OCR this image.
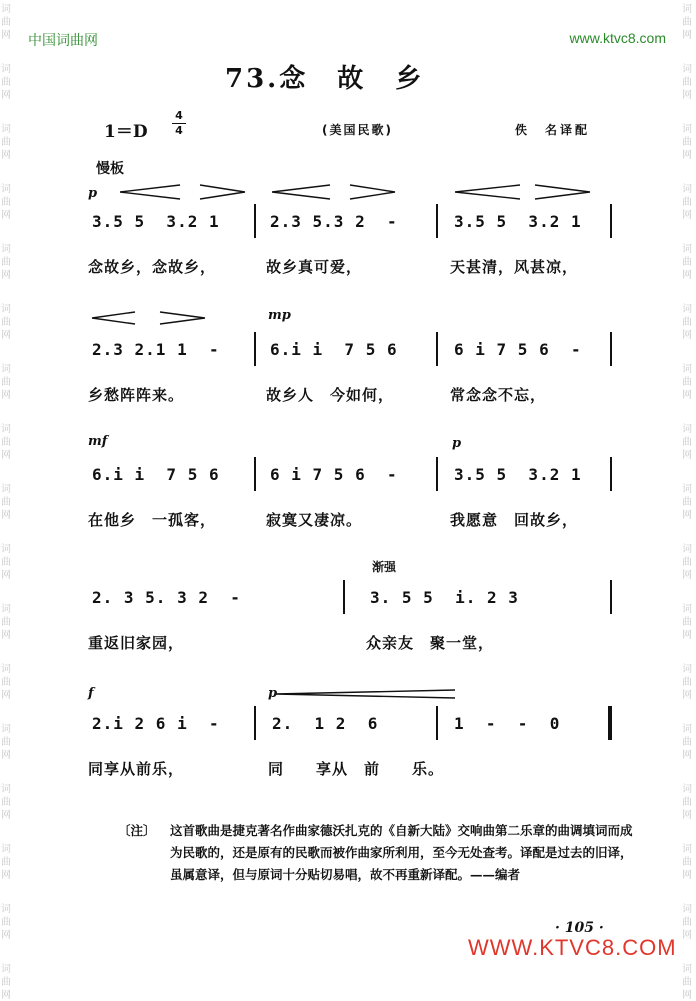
词
曲
网
词
曲
网
词
曲
网
词
曲
网
词
曲
网
词
曲
网
词
曲
网
词
曲
网
词
曲
网
词
曲
网
词
曲
网
词
曲
网
词
曲
网
词
曲
网
词
曲
网
词
曲
网
词
曲
网
词
曲
网
词
曲
网
词
曲
网
词
曲
网
词
曲
网
词
曲
网
词
曲
网
词
曲
网
词
曲
网
词
曲
网
词
曲
网
词
曲
网
词
曲
网
词
曲
网
词
曲
网
词
曲
网
词
曲
网
中国词曲网	www.ktvc8.com
73.念　故　乡
1＝D
4
4	(美国民歌)	佚　名译配
慢板
p
3.5 5  3.2 1	2.3 5.3 2  -	3.5 5  3.2 1
念故乡，念故乡，	故乡真可爱，	天甚清，风甚凉，
mp
2.3 2.1 1  -	6.i i  7 5 6	6 i 7 5 6  -
乡愁阵阵来。	故乡人　今如何，	常念念不忘，
mf	p
6.i i  7 5 6	6 i 7 5 6  -	3.5 5  3.2 1
在他乡　一孤客，	寂寞又凄凉。	我愿意　回故乡，
渐强
2. 3 5. 3 2  -	3. 5 5  i. 2 3
重返旧家园，	众亲友　聚一堂，
f	p
2.i 2 6 i  -	2.  1 2  6	1  -  -  0
同享从前乐，	同　　享从　前　　乐。
〔注〕 这首歌曲是捷克著名作曲家德沃扎克的《自新大陆》交响曲第二乐章的曲调填词而成为民歌的，还是原有的民歌而被作曲家所利用，至今无处查考。译配是过去的旧译，虽属意译，但与原词十分贴切易唱，故不再重新译配。——编者
· 105 ·
WWW.KTVC8.COM
